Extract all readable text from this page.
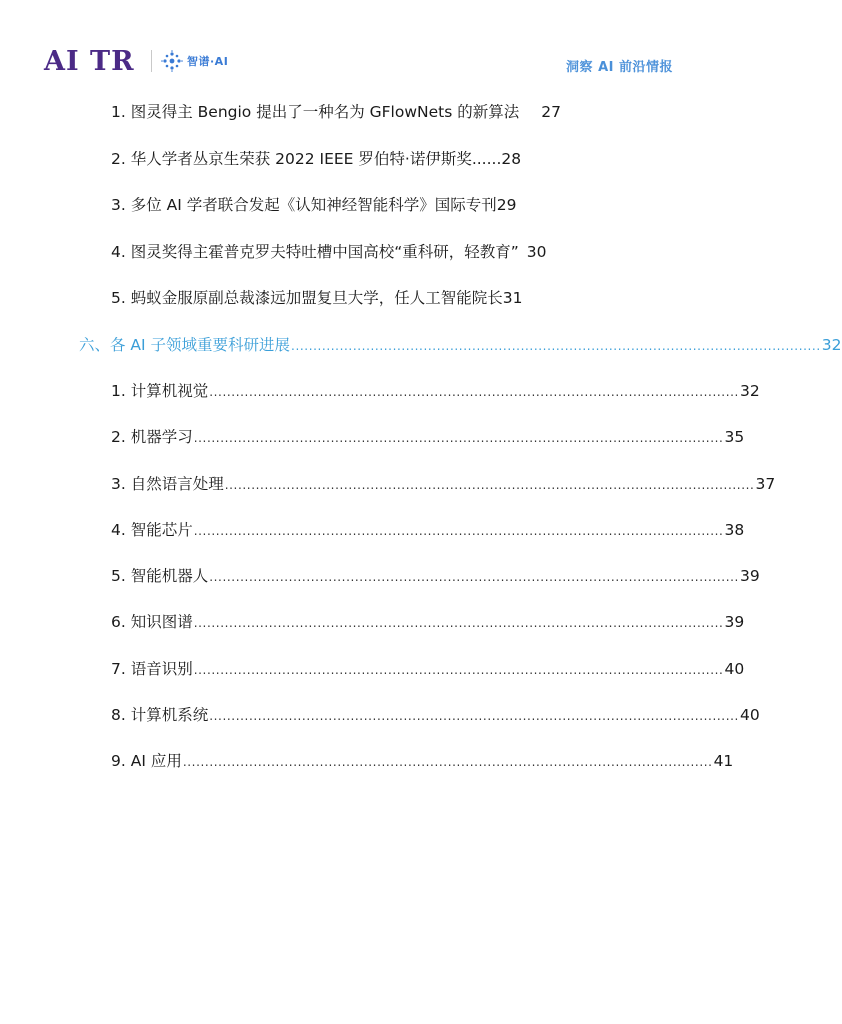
AI TR	智谱·AI	洞察 AI 前沿情报
1. 图灵得主 Bengio 提出了一种名为 GFlowNets 的新算法 27
2. 华人学者丛京生荣获 2022 IEEE 罗伯特·诺伊斯奖...... 28
3. 多位 AI 学者联合发起《认知神经智能科学》国际专刊 29
4. 图灵奖得主霍普克罗夫特吐槽中国高校“重科研，轻教育” 30
5. 蚂蚁金服原副总裁漆远加盟复旦大学，任人工智能院长 31
六、各 AI 子领域重要科研进展 ........................................................................................................................ 32
1. 计算机视觉 ........................................................................................................................ 32
2. 机器学习 ........................................................................................................................ 35
3. 自然语言处理 ........................................................................................................................ 37
4. 智能芯片 ........................................................................................................................ 38
5. 智能机器人 ........................................................................................................................ 39
6. 知识图谱 ........................................................................................................................ 39
7. 语音识别 ........................................................................................................................ 40
8. 计算机系统 ........................................................................................................................ 40
9. AI 应用 ........................................................................................................................ 41
